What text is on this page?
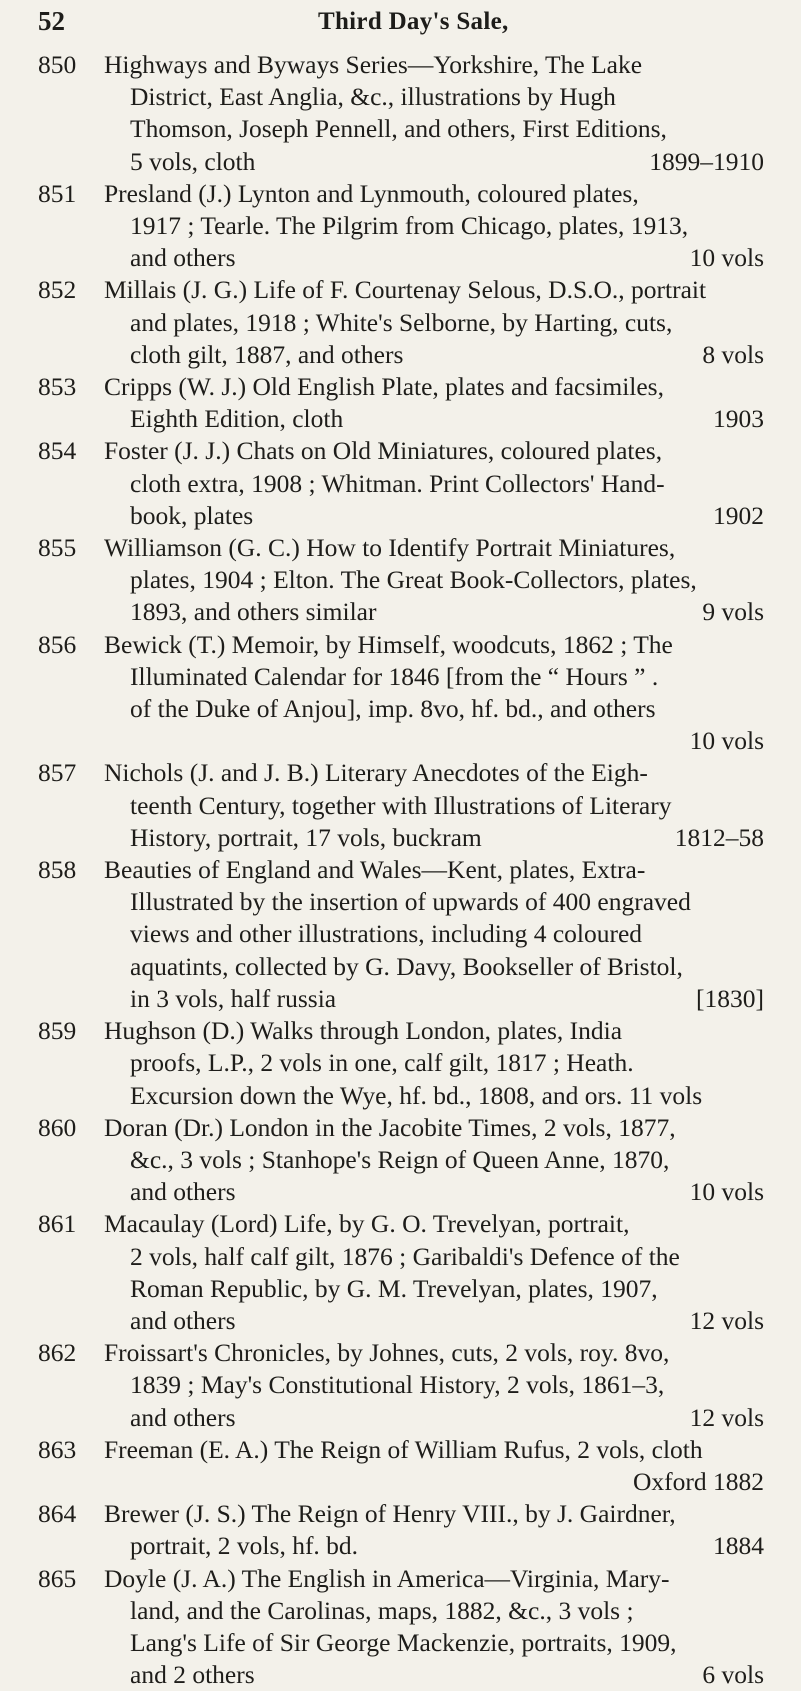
52	Third Day's Sale,
850 Highways and Byways Series—Yorkshire, The Lake
District, East Anglia, &c., illustrations by Hugh
Thomson, Joseph Pennell, and others, First Editions,
5 vols, cloth	1899–1910
851 Presland (J.) Lynton and Lynmouth, coloured plates,
1917 ; Tearle. The Pilgrim from Chicago, plates, 1913,
and others	10 vols
852 Millais (J. G.) Life of F. Courtenay Selous, D.S.O., portrait
and plates, 1918 ; White's Selborne, by Harting, cuts,
cloth gilt, 1887, and others	8 vols
853 Cripps (W. J.) Old English Plate, plates and facsimiles,
Eighth Edition, cloth	1903
854 Foster (J. J.) Chats on Old Miniatures, coloured plates,
cloth extra, 1908 ; Whitman. Print Collectors' Hand-
book, plates	1902
855 Williamson (G. C.) How to Identify Portrait Miniatures,
plates, 1904 ; Elton. The Great Book-Collectors, plates,
1893, and others similar	9 vols
856 Bewick (T.) Memoir, by Himself, woodcuts, 1862 ; The
Illuminated Calendar for 1846 [from the “ Hours ” .
of the Duke of Anjou], imp. 8vo, hf. bd., and others
10 vols
857 Nichols (J. and J. B.) Literary Anecdotes of the Eigh-
teenth Century, together with Illustrations of Literary
History, portrait, 17 vols, buckram	1812–58
858 Beauties of England and Wales—Kent, plates, Extra-
Illustrated by the insertion of upwards of 400 engraved
views and other illustrations, including 4 coloured
aquatints, collected by G. Davy, Bookseller of Bristol,
in 3 vols, half russia	[1830]
859 Hughson (D.) Walks through London, plates, India
proofs, L.P., 2 vols in one, calf gilt, 1817 ; Heath.
Excursion down the Wye, hf. bd., 1808, and ors. 11 vols
860 Doran (Dr.) London in the Jacobite Times, 2 vols, 1877,
&c., 3 vols ; Stanhope's Reign of Queen Anne, 1870,
and others	10 vols
861 Macaulay (Lord) Life, by G. O. Trevelyan, portrait,
2 vols, half calf gilt, 1876 ; Garibaldi's Defence of the
Roman Republic, by G. M. Trevelyan, plates, 1907,
and others	12 vols
862 Froissart's Chronicles, by Johnes, cuts, 2 vols, roy. 8vo,
1839 ; May's Constitutional History, 2 vols, 1861–3,
and others	12 vols
863 Freeman (E. A.) The Reign of William Rufus, 2 vols, cloth
Oxford 1882
864 Brewer (J. S.) The Reign of Henry VIII., by J. Gairdner,
portrait, 2 vols, hf. bd.	1884
865 Doyle (J. A.) The English in America—Virginia, Mary-
land, and the Carolinas, maps, 1882, &c., 3 vols ;
Lang's Life of Sir George Mackenzie, portraits, 1909,
and 2 others	6 vols
